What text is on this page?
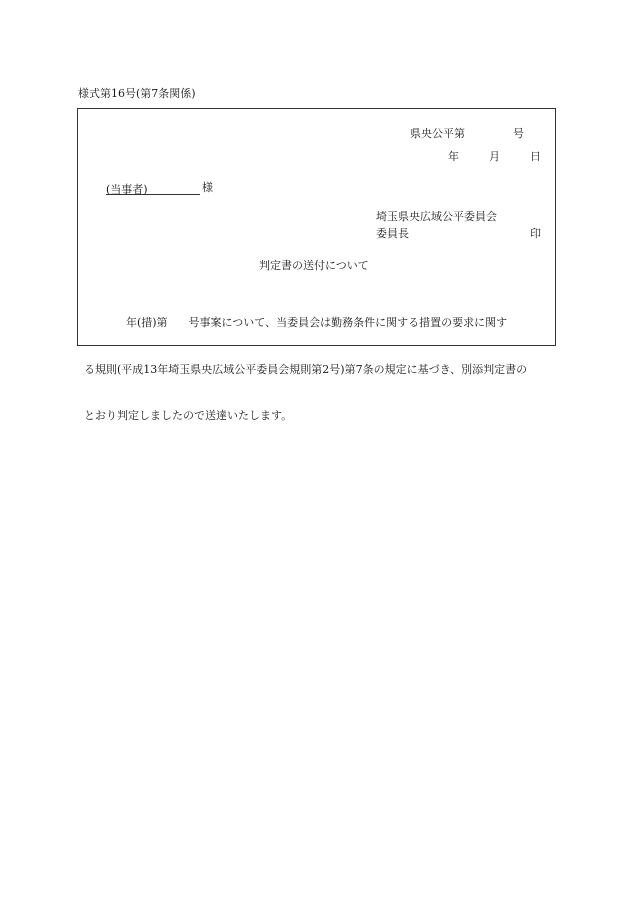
様式第16号(第7条関係)
県央公平第	号
年	月	日
(当事者)	様
埼玉県央広域公平委員会
委員長	印
判定書の送付について

年(措)第      号事案について、当委員会は勤務条件に関する措置の要求に関す

る規則(平成13年埼玉県央広域公平委員会規則第2号)第7条の規定に基づき、別添判定書の

とおり判定しましたので送達いたします。
